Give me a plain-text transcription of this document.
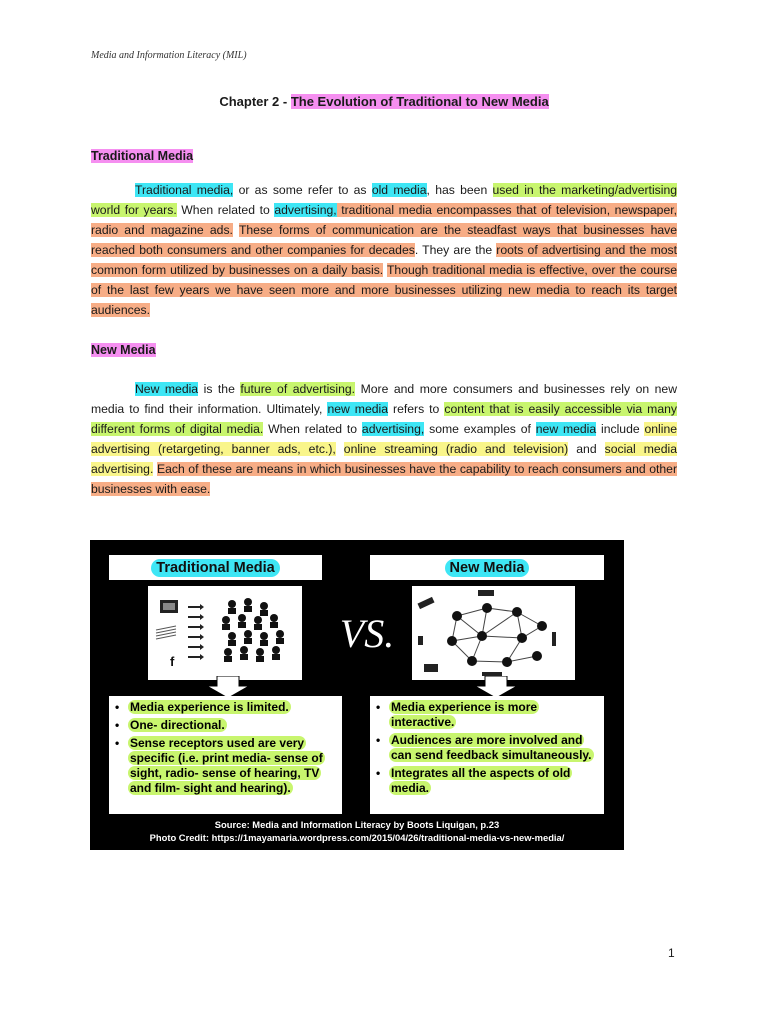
Media and Information Literacy (MIL)
Chapter 2 - The Evolution of Traditional to New Media
Traditional Media
Traditional media, or as some refer to as old media, has been used in the marketing/advertising world for years. When related to advertising, traditional media encompasses that of television, newspaper, radio and magazine ads. These forms of communication are the steadfast ways that businesses have reached both consumers and other companies for decades. They are the roots of advertising and the most common form utilized by businesses on a daily basis. Though traditional media is effective, over the course of the last few years we have seen more and more businesses utilizing new media to reach its target audiences.
New Media
New media is the future of advertising. More and more consumers and businesses rely on new media to find their information. Ultimately, new media refers to content that is easily accessible via many different forms of digital media. When related to advertising, some examples of new media include online advertising (retargeting, banner ads, etc.), online streaming (radio and television) and social media advertising. Each of these are means in which businesses have the capability to reach consumers and other businesses with ease.
Traditional Media	New Media
f
VS.
• Media experience is limited.
• One- directional.
• Sense receptors used are very specific (i.e. print media- sense of sight, radio- sense of hearing, TV and film- sight and hearing).
• Media experience is more interactive.
• Audiences are more involved and can send feedback simultaneously.
• Integrates all the aspects of old media.
Source: Media and Information Literacy by Boots Liquigan, p.23
Photo Credit: https://1mayamaria.wordpress.com/2015/04/26/traditional-media-vs-new-media/
1
